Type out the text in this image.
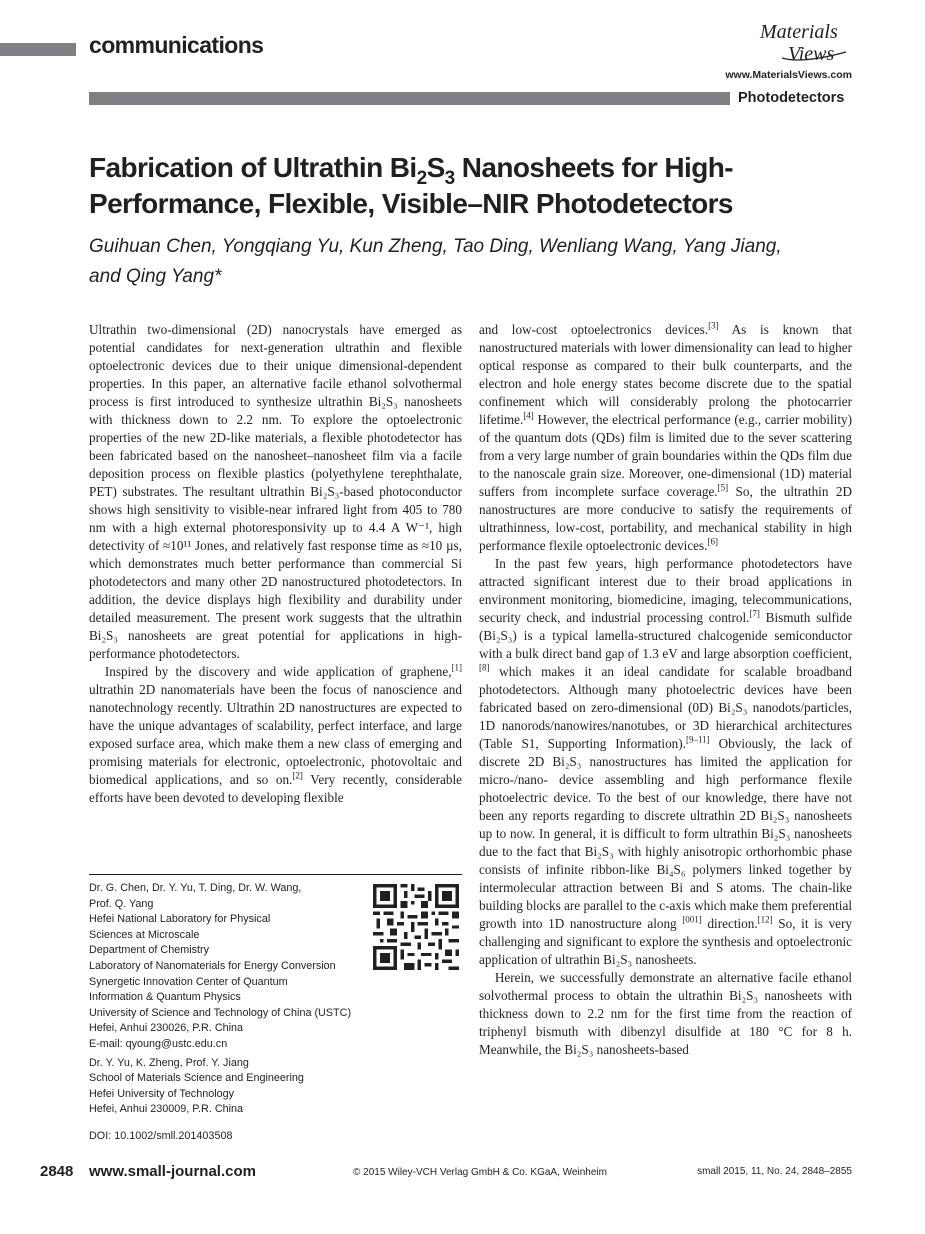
communications	Materials
Views
www.MaterialsViews.com
Photodetectors
Fabrication of Ultrathin $Bi_2S_3$ Nanosheets for High-
Performance, Flexible, Visible–NIR Photodetectors
Guihuan Chen, Yongqiang Yu, Kun Zheng, Tao Ding, Wenliang Wang, Yang Jiang,
and Qing Yang*

Ultrathin two-dimensional (2D) nanocrystals have emerged as potential candidates for next-generation ultrathin and flexible optoelectronic devices due to their unique dimensional-dependent properties. In this paper, an alternative facile ethanol solvothermal process is first introduced to synthesize ultrathin Bi₂S₃ nanosheets with thickness down to 2.2 nm. To explore the optoelectronic properties of the new 2D-like materials, a flexible photodetector has been fabricated based on the nanosheet–nanosheet film via a facile deposition process on flexible plastics (polyethylene terephthalate, PET) substrates. The resultant ultrathin Bi₂S₃-based photoconductor shows high sensitivity to visible-near infrared light from 405 to 780 nm with a high external photoresponsivity up to 4.4 A W⁻¹, high detectivity of ≈10¹¹ Jones, and relatively fast response time as ≈10 µs, which demonstrates much better performance than commercial Si photodetectors and many other 2D nanostructured photodetectors. In addition, the device displays high flexibility and durability under detailed measurement. The present work suggests that the ultrathin Bi₂S₃ nanosheets are great potential for applications in high-performance photodetectors.

Inspired by the discovery and wide application of graphene,[1] ultrathin 2D nanomaterials have been the focus of nanoscience and nanotechnology recently. Ultrathin 2D nanostructures are expected to have the unique advantages of scalability, perfect interface, and large exposed surface area, which make them a new class of emerging and promising materials for electronic, optoelectronic, photovoltaic and biomedical applications, and so on.[2] Very recently, considerable efforts have been devoted to developing flexible

Dr. G. Chen, Dr. Y. Yu, T. Ding, Dr. W. Wang,
Prof. Q. Yang
Hefei National Laboratory for Physical
Sciences at Microscale
Department of Chemistry
Laboratory of Nanomaterials for Energy Conversion
Synergetic Innovation Center of Quantum
Information & Quantum Physics
University of Science and Technology of China (USTC)
Hefei, Anhui 230026, P.R. China
E-mail: qyoung@ustc.edu.cn
Dr. Y. Yu, K. Zheng, Prof. Y. Jiang
School of Materials Science and Engineering
Hefei University of Technology
Hefei, Anhui 230009, P.R. China
DOI: 10.1002/smll.201403508

and low-cost optoelectronics devices.[3] As is known that nanostructured materials with lower dimensionality can lead to higher optical response as compared to their bulk counterparts, and the electron and hole energy states become discrete due to the spatial confinement which will considerably prolong the photocarrier lifetime.[4] However, the electrical performance (e.g., carrier mobility) of the quantum dots (QDs) film is limited due to the sever scattering from a very large number of grain boundaries within the QDs film due to the nanoscale grain size. Moreover, one-dimensional (1D) material suffers from incomplete surface coverage.[5] So, the ultrathin 2D nanostructures are more conducive to satisfy the requirements of ultrathinness, low-cost, portability, and mechanical stability in high performance flexile optoelectronic devices.[6]

In the past few years, high performance photodetectors have attracted significant interest due to their broad applications in environment monitoring, biomedicine, imaging, telecommunications, security check, and industrial processing control.[7] Bismuth sulfide (Bi₂S₃) is a typical lamella-structured chalcogenide semiconductor with a bulk direct band gap of 1.3 eV and large absorption coefficient,[8] which makes it an ideal candidate for scalable broadband photodetectors. Although many photoelectric devices have been fabricated based on zero-dimensional (0D) Bi₂S₃ nanodots/particles, 1D nanorods/nanowires/nanotubes, or 3D hierarchical architectures (Table S1, Supporting Information).[9–11] Obviously, the lack of discrete 2D Bi₂S₃ nanostructures has limited the application for micro-/nano- device assembling and high performance flexile photoelectric device. To the best of our knowledge, there have not been any reports regarding to discrete ultrathin 2D Bi₂S₃ nanosheets up to now. In general, it is difficult to form ultrathin Bi₂S₃ nanosheets due to the fact that Bi₂S₃ with highly anisotropic orthorhombic phase consists of infinite ribbon-like Bi₄S₆ polymers linked together by intermolecular attraction between Bi and S atoms. The chain-like building blocks are parallel to the c-axis which make them preferential growth into 1D nanostructure along [001] direction.[12] So, it is very challenging and significant to explore the synthesis and optoelectronic application of ultrathin Bi₂S₃ nanosheets.

Herein, we successfully demonstrate an alternative facile ethanol solvothermal process to obtain the ultrathin Bi₂S₃ nanosheets with thickness down to 2.2 nm for the first time from the reaction of triphenyl bismuth with dibenzyl disulfide at 180 °C for 8 h. Meanwhile, the Bi₂S₃ nanosheets-based

2848 www.small-journal.com	© 2015 Wiley-VCH Verlag GmbH & Co. KGaA, Weinheim	small 2015, 11, No. 24, 2848–2855
